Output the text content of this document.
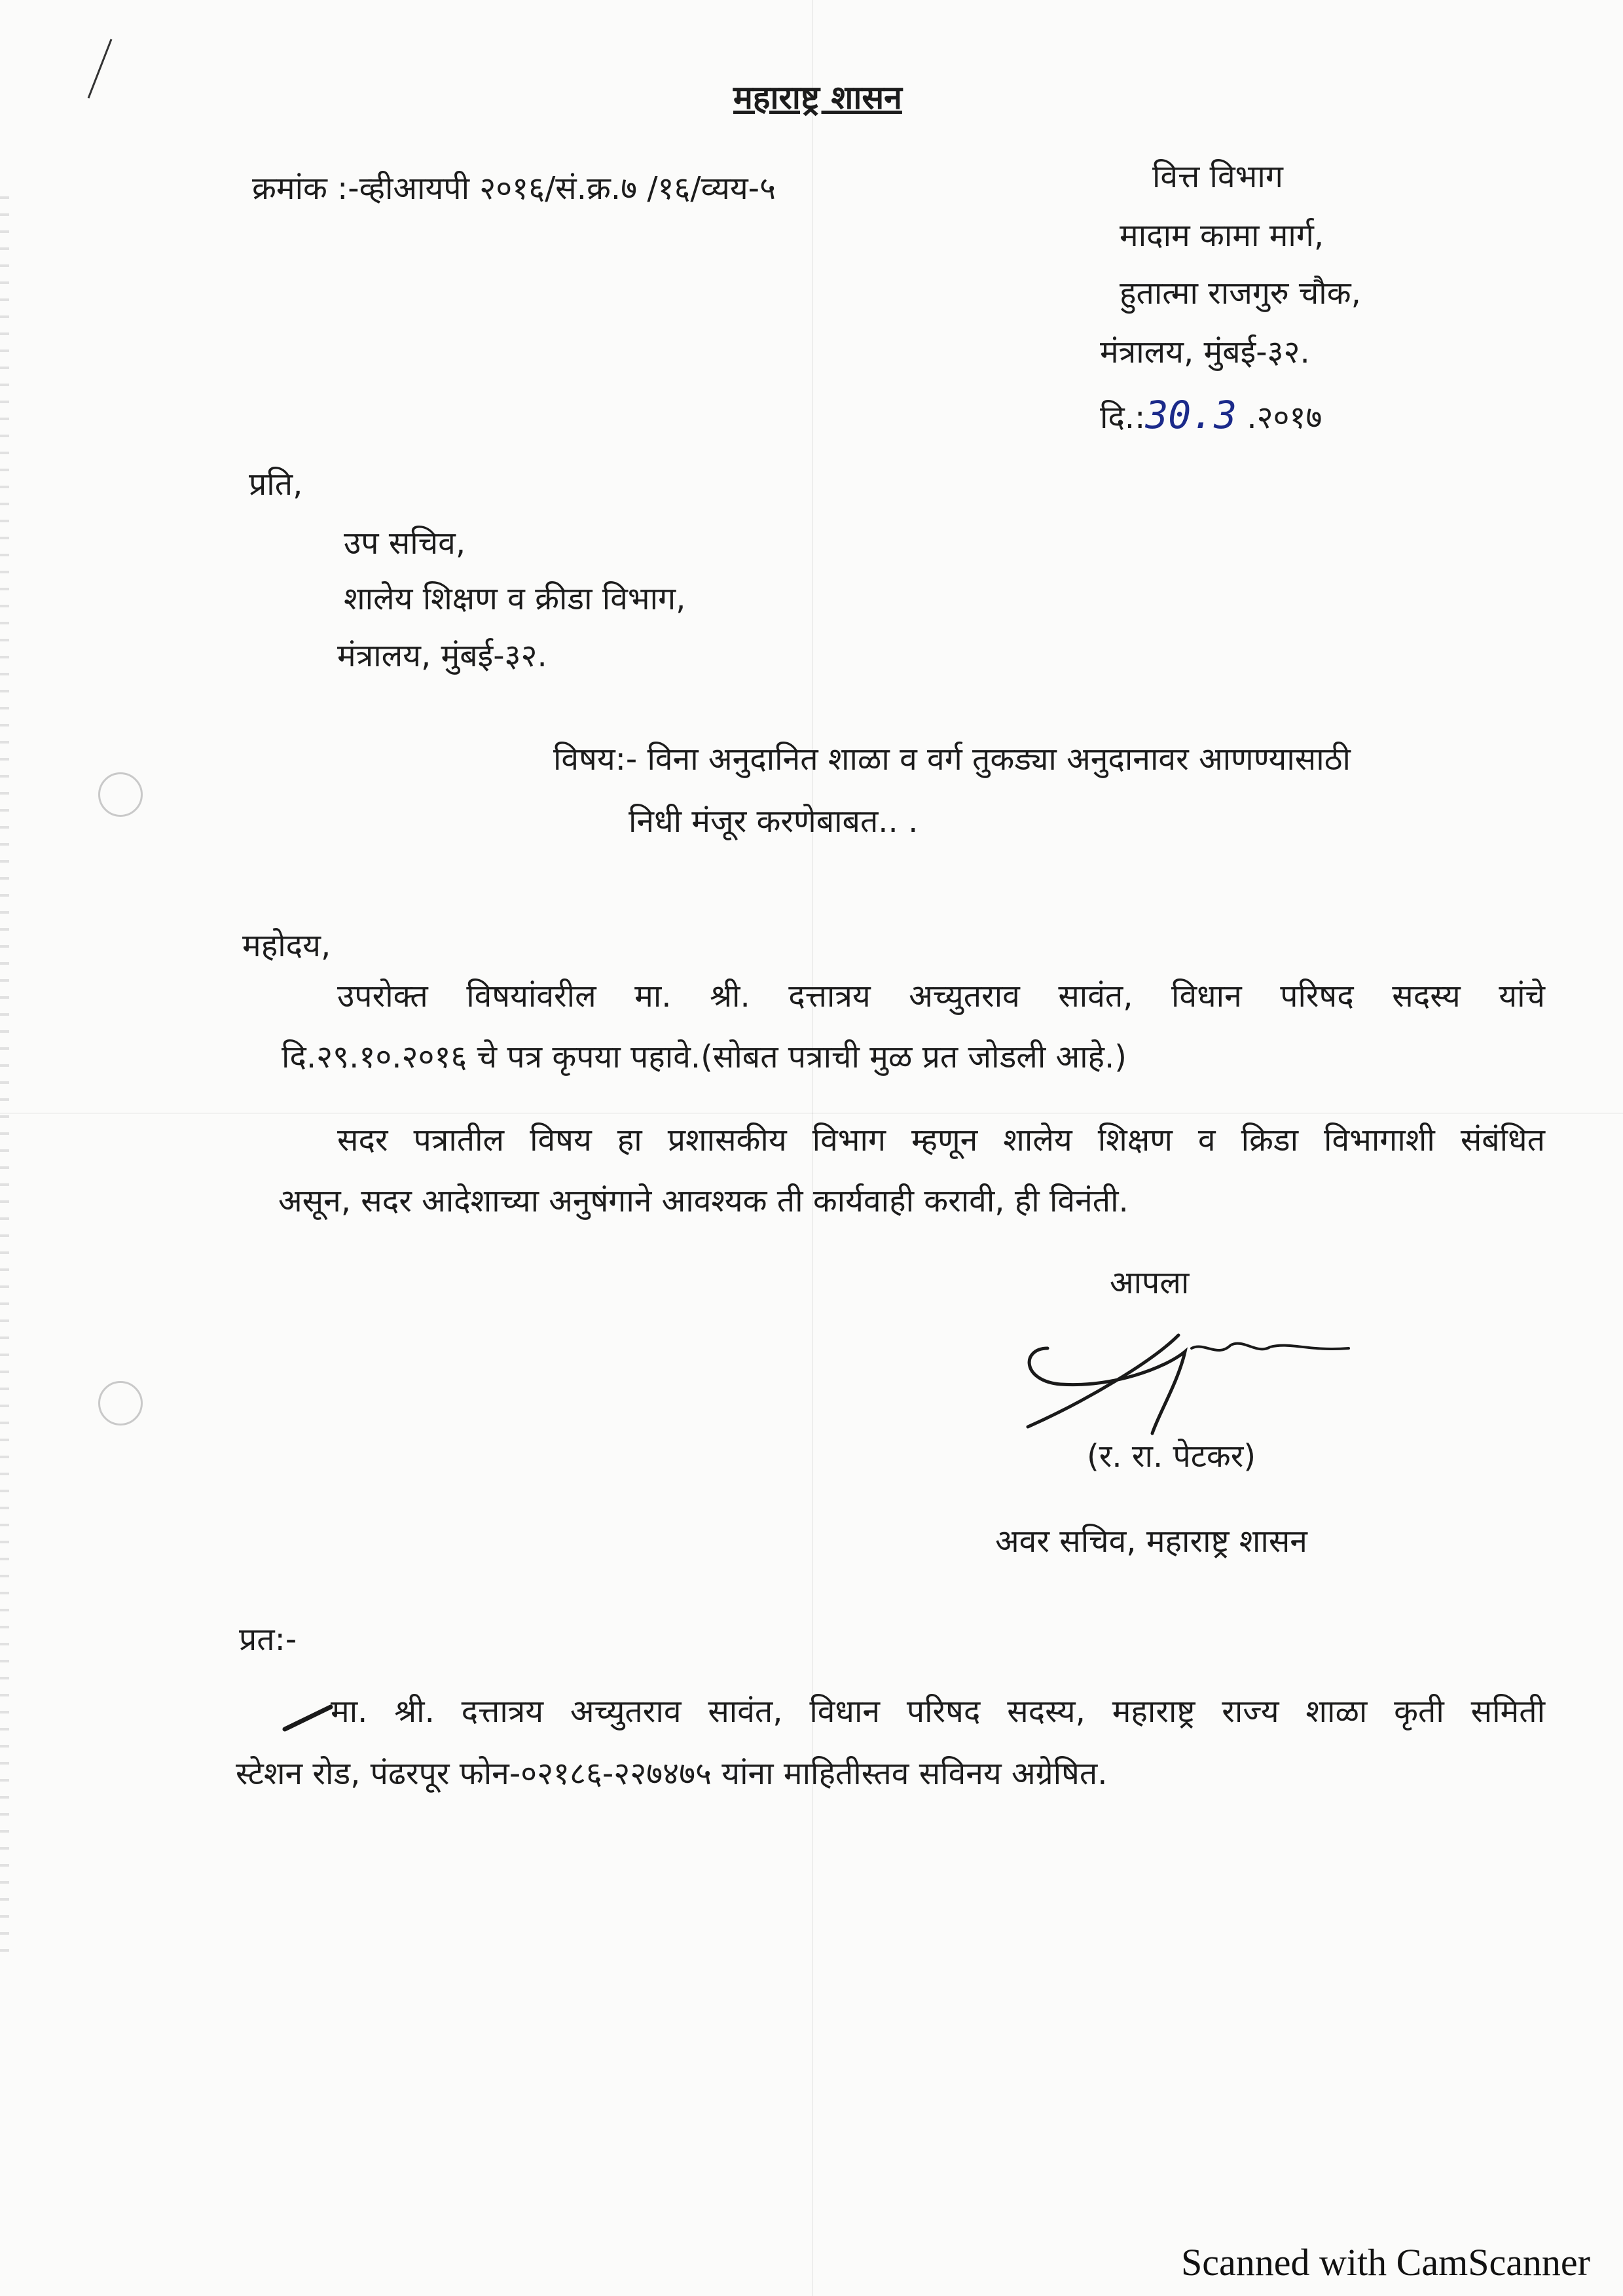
महाराष्ट्र शासन
क्रमांक :-व्हीआयपी २०१६/सं.क्र.७ /१६/व्यय-५	वित्त विभाग
मादाम कामा मार्ग,
हुतात्मा राजगुरु चौक,
मंत्रालय, मुंबई-३२.
दि.:30.3 .२०१७
प्रति,
उप सचिव,
शालेय शिक्षण व क्रीडा विभाग,
मंत्रालय, मुंबई-३२.
विषय:- विना अनुदानित शाळा व वर्ग तुकड्या अनुदानावर आणण्यासाठी
निधी मंजूर करणेबाबत.. .
महोदय,
उपरोक्त विषयांवरील मा. श्री. दत्तात्रय अच्युतराव सावंत, विधान परिषद सदस्य यांचे
दि.२९.१०.२०१६ चे पत्र कृपया पहावे.(सोबत पत्राची मुळ प्रत जोडली आहे.)
सदर पत्रातील विषय हा प्रशासकीय विभाग म्हणून शालेय शिक्षण व क्रिडा विभागाशी संबंधित
असून, सदर आदेशाच्या अनुषंगाने आवश्यक ती कार्यवाही करावी, ही विनंती.
आपला
(र. रा. पेटकर)
अवर सचिव, महाराष्ट्र शासन
प्रत:-
मा. श्री. दत्तात्रय अच्युतराव सावंत, विधान परिषद सदस्य, महाराष्ट्र राज्य शाळा कृती समिती
स्टेशन रोड, पंढरपूर फोन-०२१८६-२२७४७५ यांना माहितीस्तव सविनय अग्रेषित.
Scanned with CamScanner
